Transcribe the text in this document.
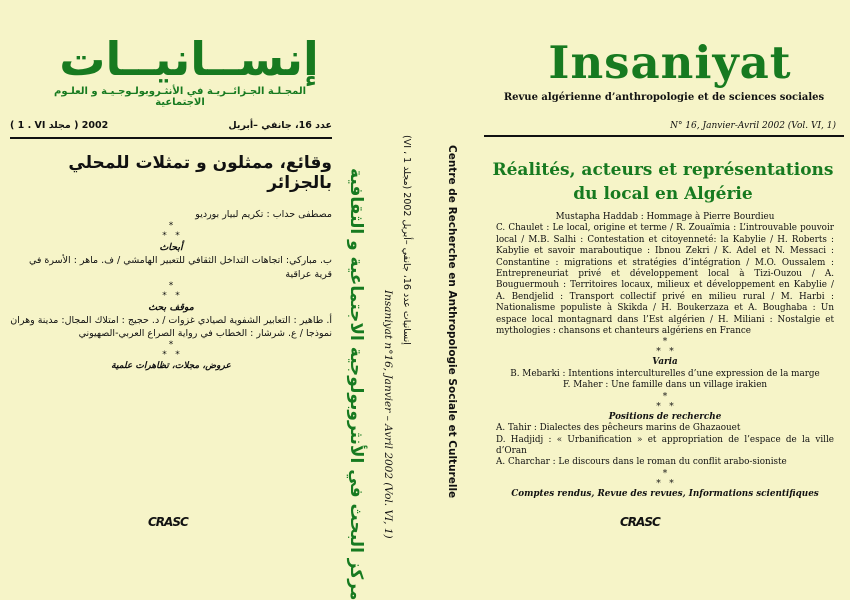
إنســانيــات
المجـلـة الجـزائــريـة في الأنثـروبولـوجـيـة و العلـوم الاجتماعية
( 1 . VI مجلد ) 2002	عدد 16، جانفي –أبريل
وقائع، ممثلون و تمثلات للمحلي بالجزائر

مصطفى حداب : تكريم لبيار بورديو

*
*   *
أبحاث

ب. مباركي: اتجاهات التداخل الثقافي للتعبير الهامشي / ف. ماهر : الأسرة في قرية عراقية

*
*   *
موقف بحث

أ. طاهير : التعابير الشفوية لصيادي غزوات / د. حجيج : امتلاك المجال: مدينة وهران نموذجا / ع. شرشار : الخطاب في رواية الصراع العربي-الصهيوني

*
*   *
عروض، مجلات، تظاهرات علمية
CRASC	مركز البحث في الأنثروبولوجية الاجتماعية و الثقافية Insaniyat n°16, Janvier – Avril 2002 (Vol. VI, 1)
إنسانيات عدد 16، جانفي –أبريل 2002 (مجلد VI ، 1)	Centre de Recherche en Anthropologie Sociale et Culturelle
Insaniyat
Revue algérienne d’anthropologie et de sciences sociales
N° 16, Janvier-Avril 2002 (Vol. VI, 1)
Réalités, acteurs et représentations
du local en Algérie

Mustapha Haddab : Hommage à Pierre Bourdieu

C. Chaulet : Le local, origine et terme / R. Zouaïmia : L’introuvable pouvoir local / M.B. Salhi : Contestation et citoyenneté: la Kabylie / H. Roberts : Kabylie et savoir maraboutique : Ibnou Zekri / K. Adel et N. Messaci : Constantine : migrations et stratégies d’intégration / M.O. Oussalem : Entrepreneuriat privé et développement local à Tizi-Ouzou / A. Bouguermouh : Territoires locaux, milieux et développement en Kabylie / A. Bendjelid : Transport collectif privé en milieu rural / M. Harbi : Nationalisme populiste à Skikda / H. Boukerzaza et A. Boughaba : Un espace local montagnard dans l’Est algérien / H. Miliani : Nostalgie et mythologies : chansons et chanteurs algériens en France

*
*   *
Varia

B. Mebarki : Intentions interculturelles d’une expression de la marge

F. Maher : Une famille dans un village irakien

*
*   *
Positions de recherche

A. Tahir : Dialectes des pêcheurs marins de Ghazaouet

D. Hadjidj : « Urbanification » et appropriation de l’espace de la ville d’Oran

A. Charchar : Le discours dans le roman du conflit arabo-sioniste

*
*   *
Comptes rendus, Revue des revues, Informations scientifiques
CRASC
